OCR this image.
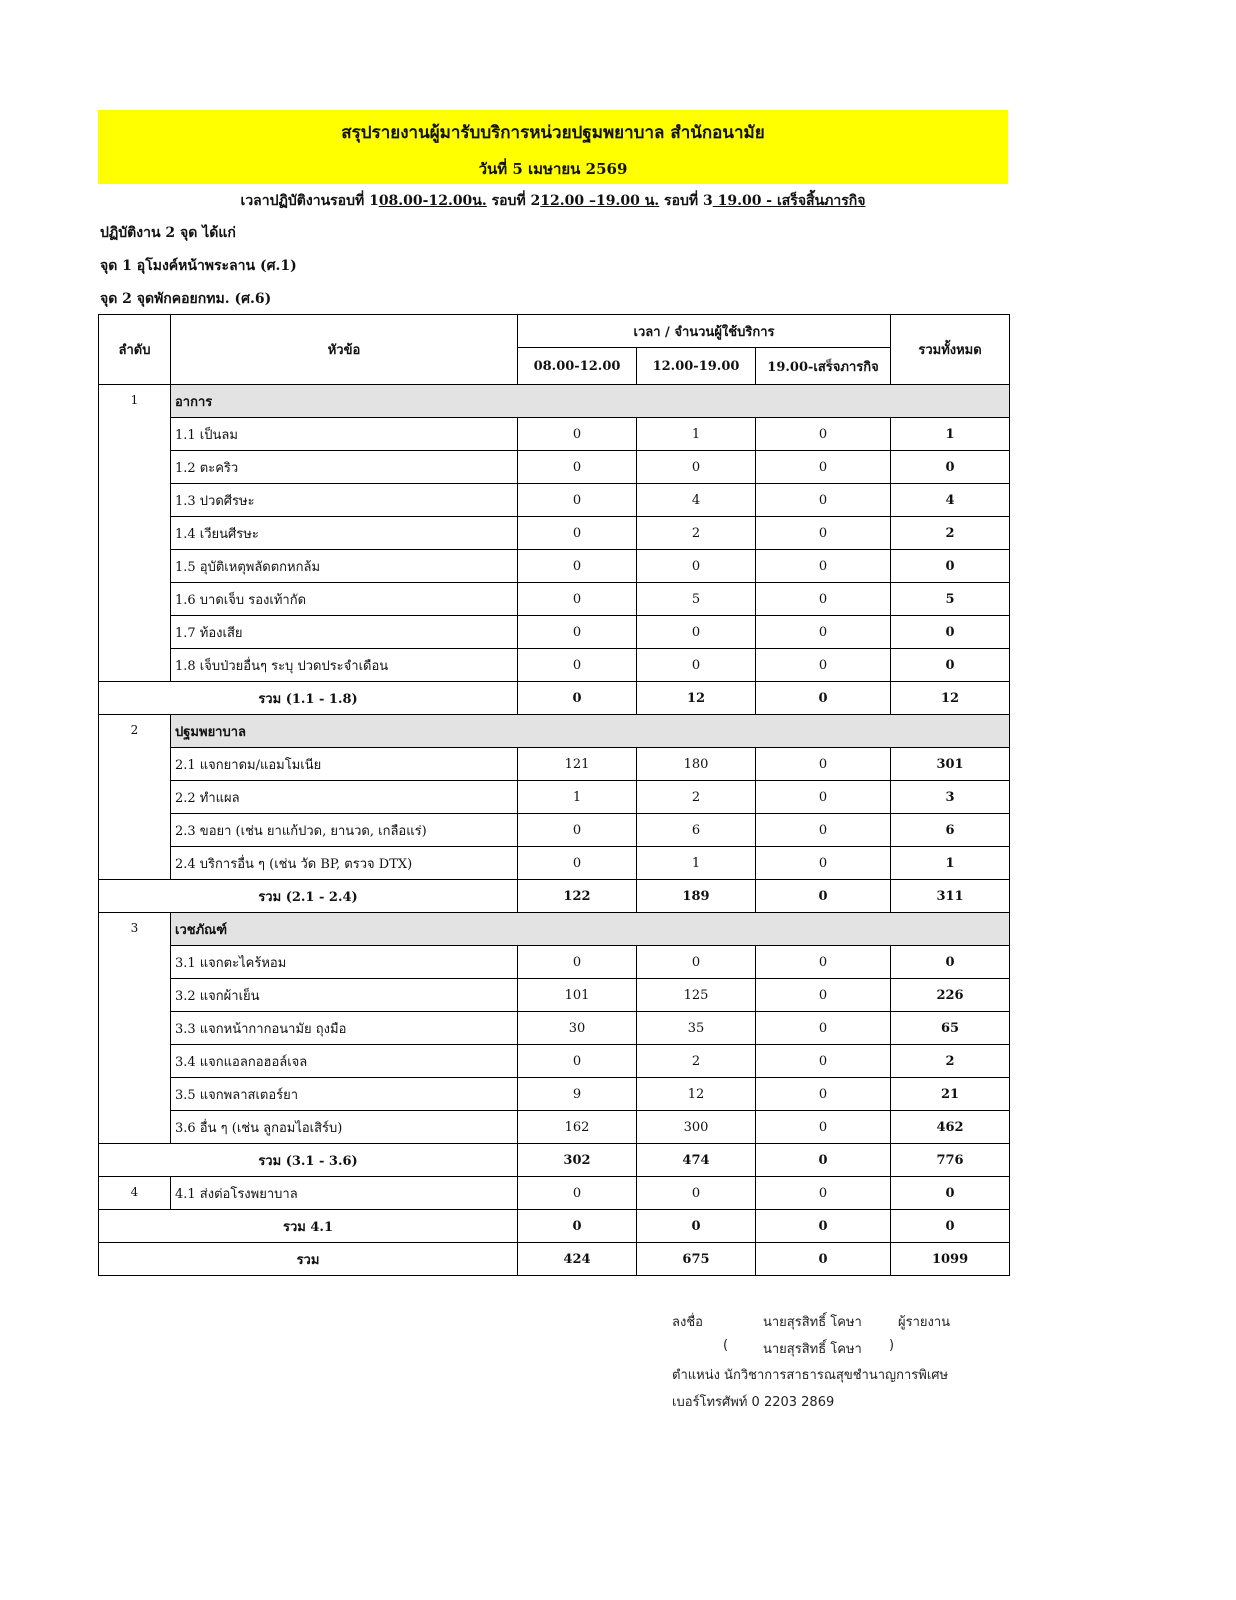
สรุปรายงานผู้มารับบริการหน่วยปฐมพยาบาล สำนักอนามัย
วันที่ 5 เมษายน 2569
เวลาปฏิบัติงานรอบที่ 108.00-12.00น. รอบที่ 212.00 –19.00 น. รอบที่ 3 19.00 - เสร็จสิ้นภารกิจ
ปฏิบัติงาน 2 จุด ได้แก่
จุด 1 อุโมงค์หน้าพระลาน (ศ.1)
จุด 2 จุดพักคอยกทม. (ศ.6)
ลำดับ	หัวข้อ	เวลา / จำนวนผู้ใช้บริการ			รวมทั้งหมด
		08.00-12.00	12.00-19.00	19.00-เสร็จภารกิจ	
1	อาการ				
	1.1 เป็นลม	0	1	0	1
	1.2 ตะคริว	0	0	0	0
	1.3 ปวดศีรษะ	0	4	0	4
	1.4 เวียนศีรษะ	0	2	0	2
	1.5 อุบัติเหตุพลัดตกหกล้ม	0	0	0	0
	1.6 บาดเจ็บ รองเท้ากัด	0	5	0	5
	1.7 ท้องเสีย	0	0	0	0
	1.8 เจ็บป่วยอื่นๆ ระบุ ปวดประจำเดือน	0	0	0	0
รวม (1.1 - 1.8)		0	12	0	12
2	ปฐมพยาบาล				
	2.1 แจกยาดม/แอมโมเนีย	121	180	0	301
	2.2 ทำแผล	1	2	0	3
	2.3 ขอยา (เช่น ยาแก้ปวด, ยานวด, เกลือแร่)	0	6	0	6
	2.4 บริการอื่น ๆ (เช่น วัด BP, ตรวจ DTX)	0	1	0	1
รวม (2.1 - 2.4)		122	189	0	311
3	เวชภัณฑ์				
	3.1 แจกตะไคร้หอม	0	0	0	0
	3.2 แจกผ้าเย็น	101	125	0	226
	3.3 แจกหน้ากากอนามัย ถุงมือ	30	35	0	65
	3.4 แจกแอลกอฮอล์เจล	0	2	0	2
	3.5 แจกพลาสเตอร์ยา	9	12	0	21
	3.6 อื่น ๆ (เช่น ลูกอมไอเสิร์บ)	162	300	0	462
รวม (3.1 - 3.6)		302	474	0	776
4	4.1 ส่งต่อโรงพยาบาล	0	0	0	0
รวม 4.1		0	0	0	0
รวม		424	675	0	1099
ลงชื่อ	นายสุรสิทธิ์ โคษา	ผู้รายงาน
(	นายสุรสิทธิ์ โคษา )
ตำแหน่ง นักวิชาการสาธารณสุขชำนาญการพิเศษ
เบอร์โทรศัพท์ 0 2203 2869
